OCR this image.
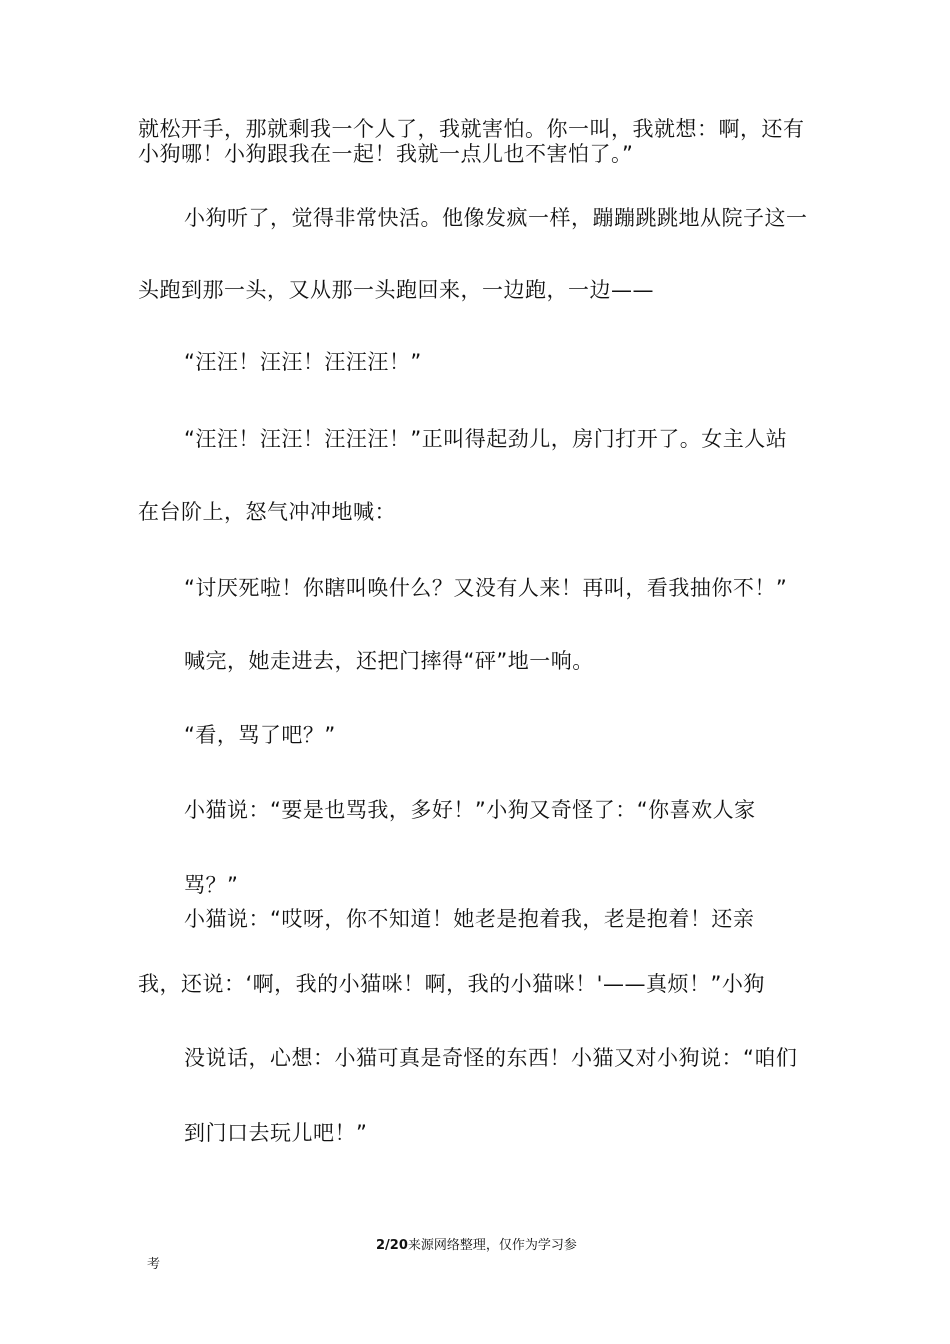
就松开手，那就剩我一个人了，我就害怕。你一叫，我就想：啊，还有
小狗哪！小狗跟我在一起！我就一点儿也不害怕了。”
小狗听了，觉得非常快活。他像发疯一样，蹦蹦跳跳地从院子这一
头跑到那一头，又从那一头跑回来，一边跑，一边——
“汪汪！汪汪！汪汪汪！”
“汪汪！汪汪！汪汪汪！”正叫得起劲儿，房门打开了。女主人站
在台阶上，怒气冲冲地喊：
“讨厌死啦！你瞎叫唤什么？又没有人来！再叫，看我抽你不！”
喊完，她走进去，还把门摔得“砰”地一响。
“看，骂了吧？”
小猫说：“要是也骂我，多好！”小狗又奇怪了：“你喜欢人家
骂？”
小猫说：“哎呀，你不知道！她老是抱着我，老是抱着！还亲
我，还说：‘啊，我的小猫咪！啊，我的小猫咪！'——真烦！”小狗
没说话，心想：小猫可真是奇怪的东西！小猫又对小狗说：“咱们
到门口去玩儿吧！”
2/20来源网络整理，仅作为学习参
考
